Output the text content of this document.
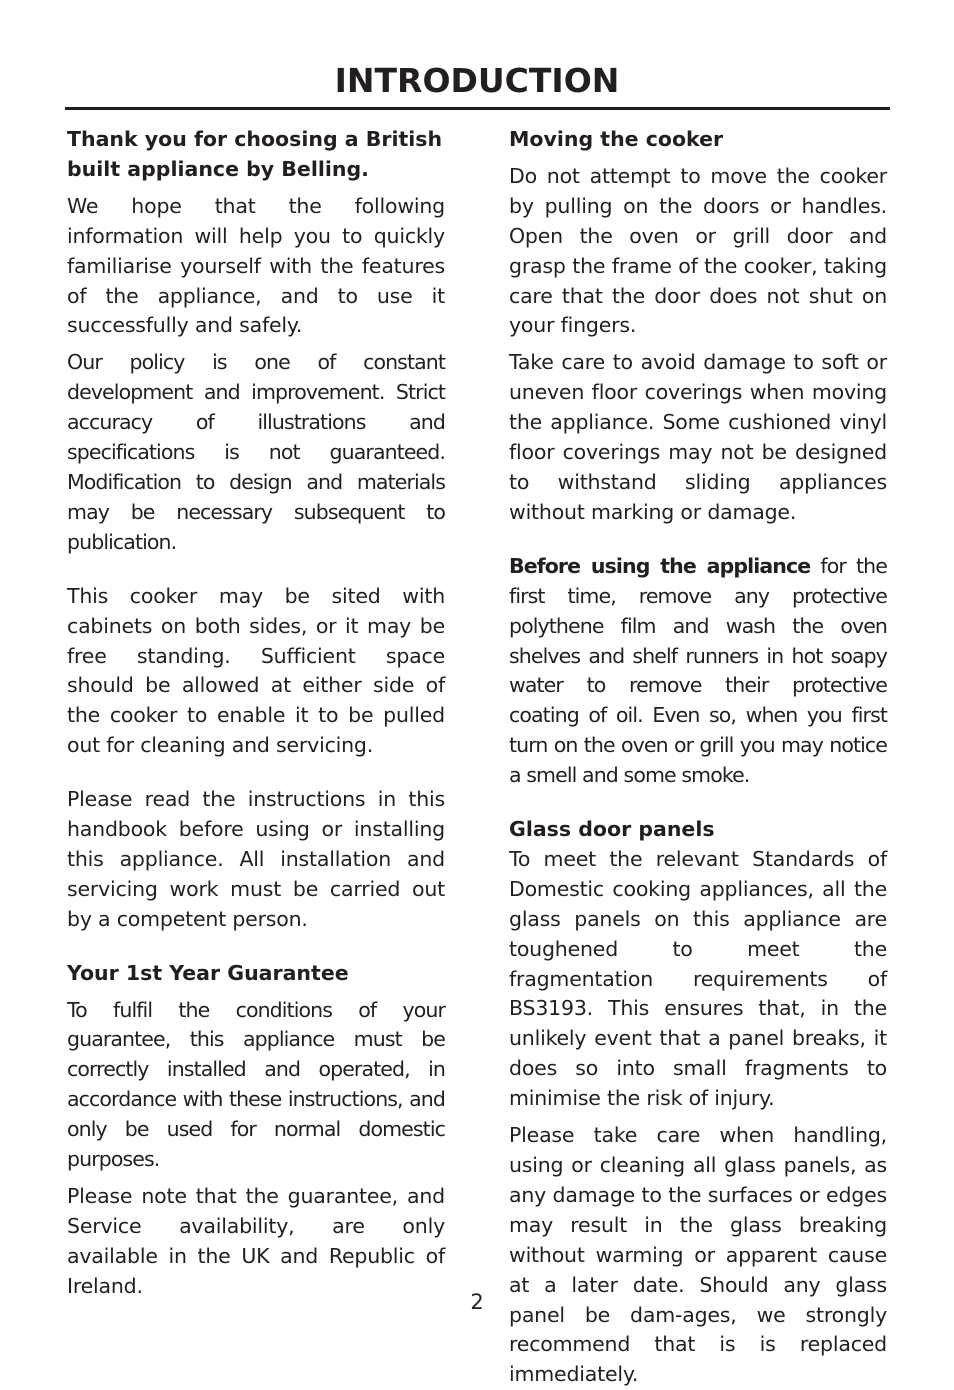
INTRODUCTION
Thank you for choosing a British built appliance by Belling.

We hope that the following information will help you to quickly familiarise yourself with the features of the appliance, and to use it successfully and safely.

Our policy is one of constant development and improvement. Strict accuracy of illustrations and specifications is not guaranteed. Modification to design and materials may be necessary subsequent to publication.

This cooker may be sited with cabinets on both sides, or it may be free standing. Sufficient space should be allowed at either side of the cooker to enable it to be pulled out for cleaning and servicing.

Please read the instructions in this handbook before using or installing this appliance. All installation and servicing work must be carried out by a competent person.

Your 1st Year Guarantee

To fulfil the conditions of your guarantee, this appliance must be correctly installed and operated, in accordance with these instructions, and only be used for normal domestic purposes.

Please note that the guarantee, and Service availability, are only available in the UK and Republic of Ireland.

Moving the cooker

Do not attempt to move the cooker by pulling on the doors or handles. Open the oven or grill door and grasp the frame of the cooker, taking care that the door does not shut on your fingers.

Take care to avoid damage to soft or uneven floor coverings when moving the appliance. Some cushioned vinyl floor coverings may not be designed to withstand sliding appliances without marking or damage.

Before using the appliance for the first time, remove any protective polythene film and wash the oven shelves and shelf runners in hot soapy water to remove their protective coating of oil. Even so, when you first turn on the oven or grill you may notice a smell and some smoke.

Glass door panels

To meet the relevant Standards of Domestic cooking appliances, all the glass panels on this appliance are toughened to meet the fragmentation requirements of BS3193. This ensures that, in the unlikely event that a panel breaks, it does so into small fragments to minimise the risk of injury.

Please take care when handling, using or cleaning all glass panels, as any damage to the surfaces or edges may result in the glass breaking without warming or apparent cause at a later date. Should any glass panel be dam-ages, we strongly recommend that is is replaced immediately.

2
